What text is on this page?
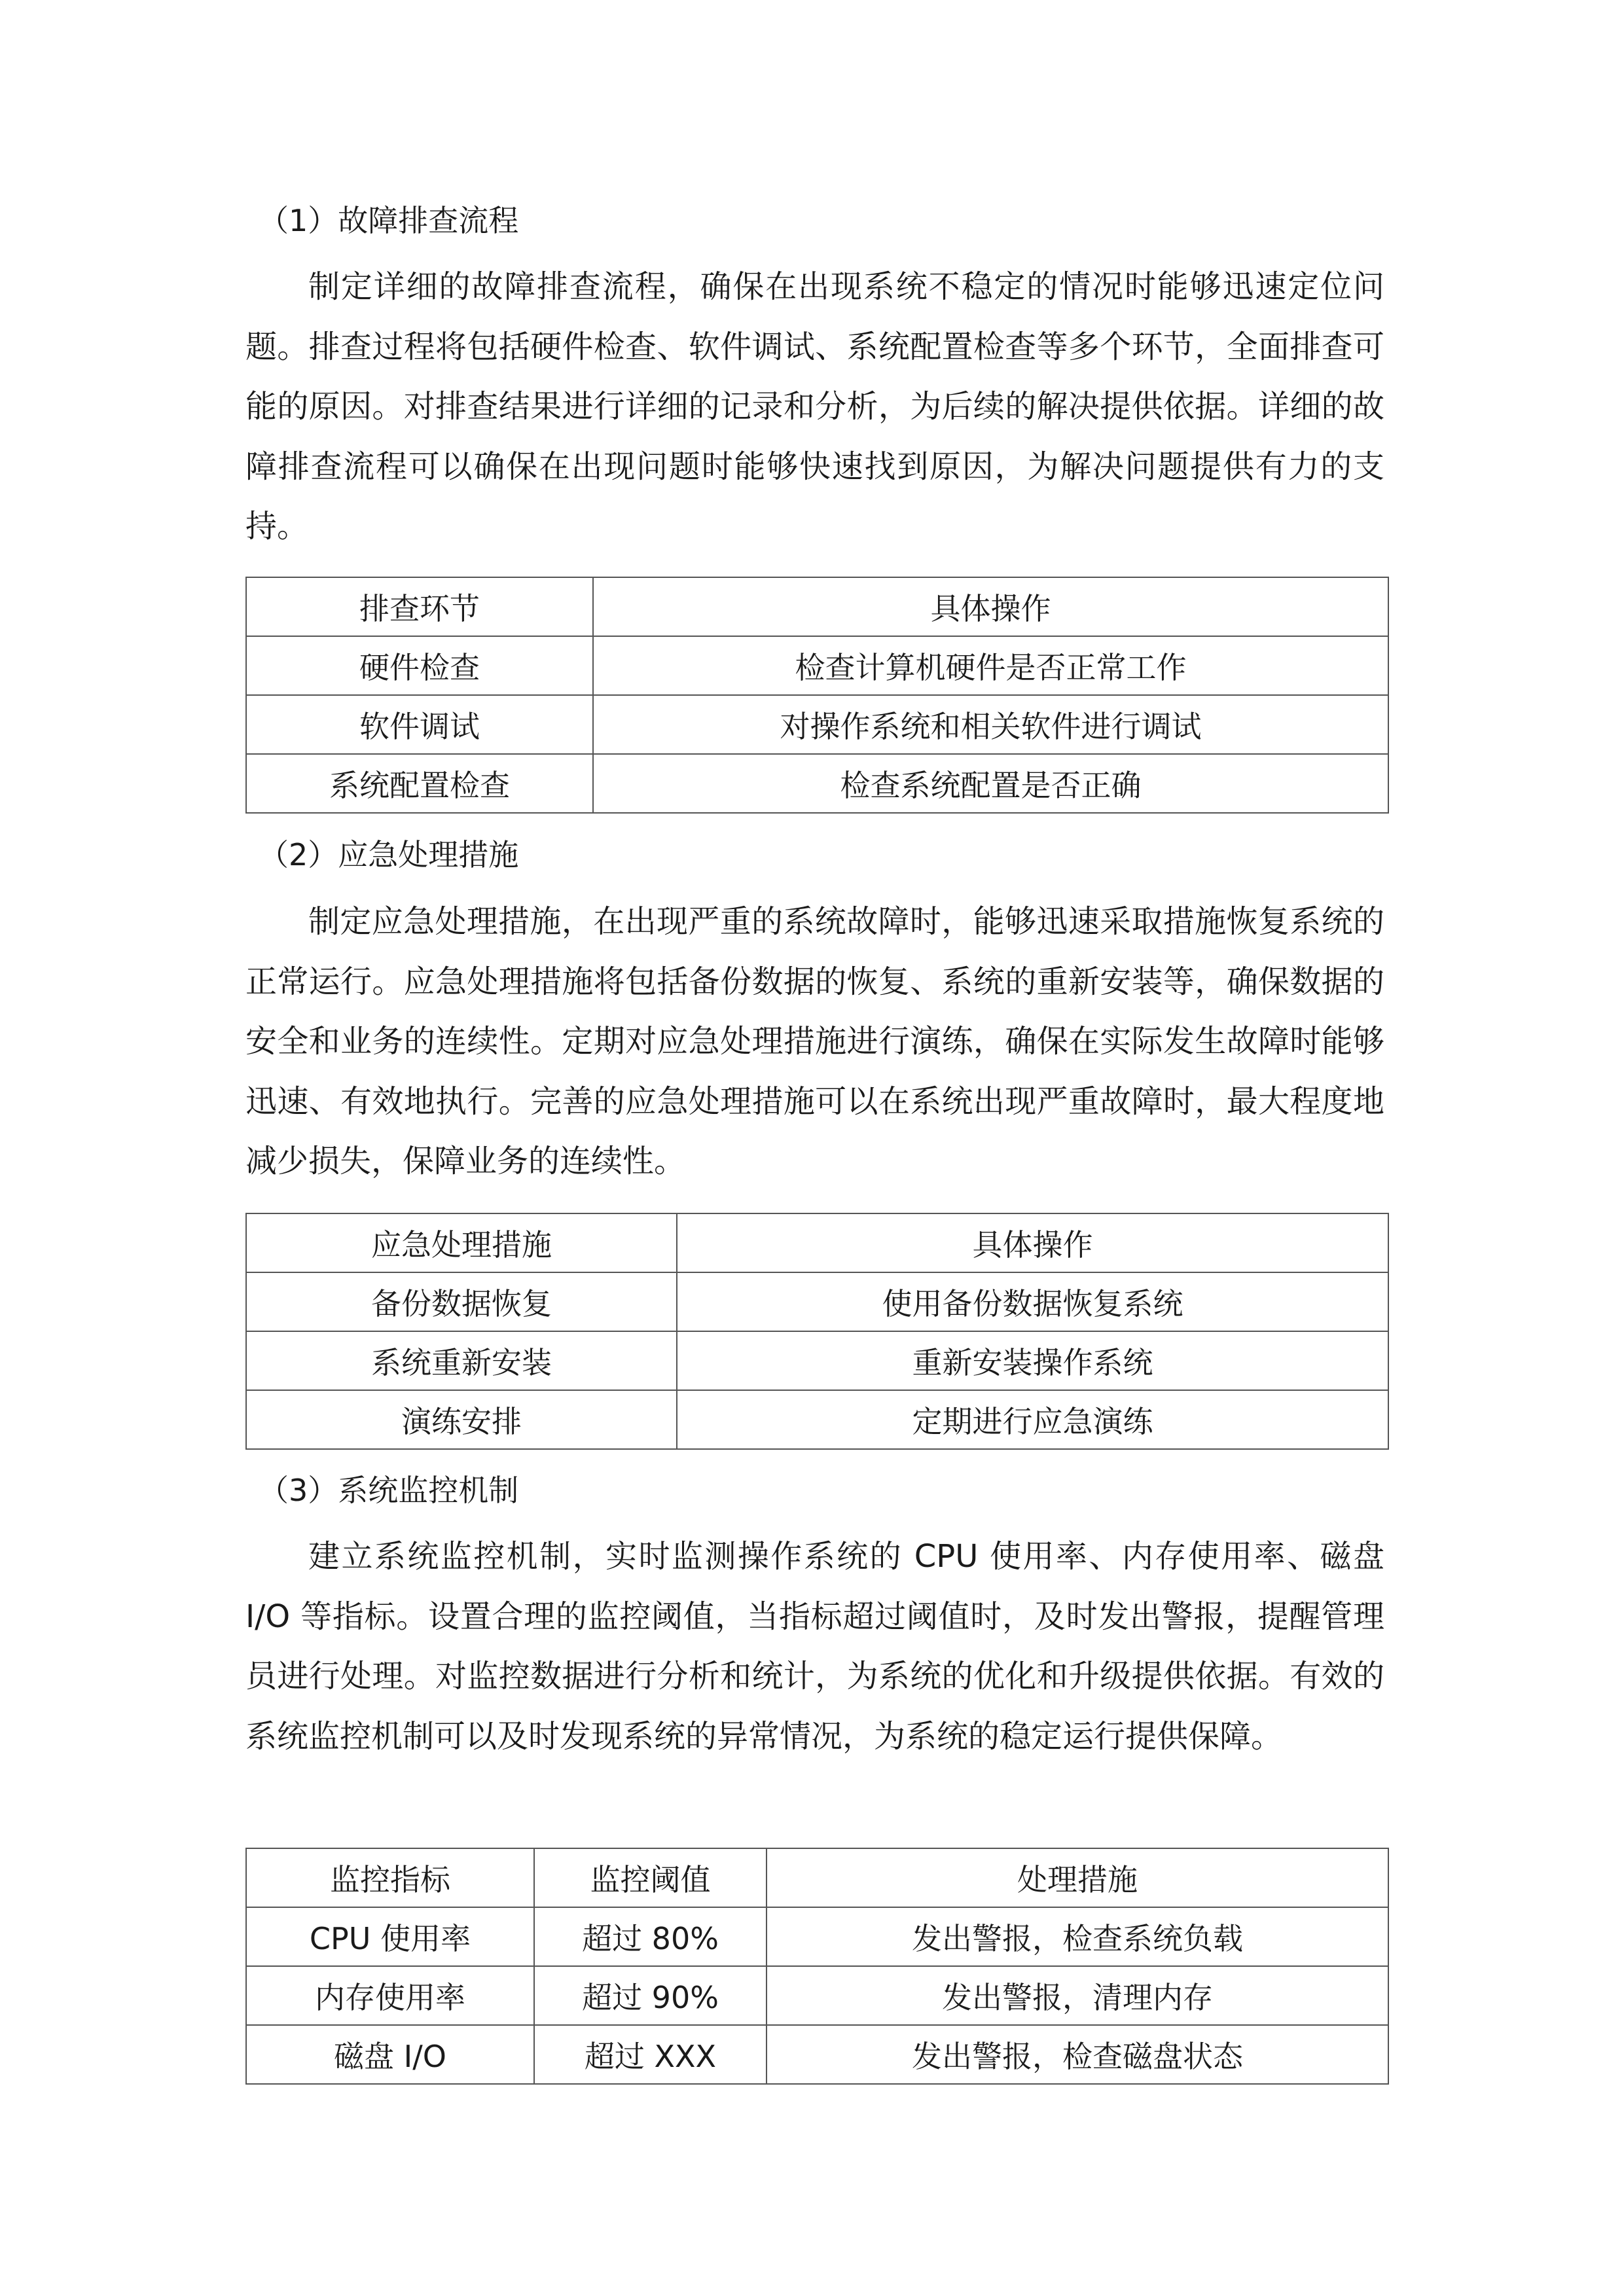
（1）故障排查流程

制定详细的故障排查流程，确保在出现系统不稳定的情况时能够迅速定位问题。排查过程将包括硬件检查、软件调试、系统配置检查等多个环节，全面排查可能的原因。对排查结果进行详细的记录和分析，为后续的解决提供依据。详细的故障排查流程可以确保在出现问题时能够快速找到原因，为解决问题提供有力的支持。

排查环节	具体操作
硬件检查	检查计算机硬件是否正常工作
软件调试	对操作系统和相关软件进行调试
系统配置检查	检查系统配置是否正确
（2）应急处理措施

制定应急处理措施，在出现严重的系统故障时，能够迅速采取措施恢复系统的正常运行。应急处理措施将包括备份数据的恢复、系统的重新安装等，确保数据的安全和业务的连续性。定期对应急处理措施进行演练，确保在实际发生故障时能够迅速、有效地执行。完善的应急处理措施可以在系统出现严重故障时，最大程度地减少损失，保障业务的连续性。

应急处理措施	具体操作
备份数据恢复	使用备份数据恢复系统
系统重新安装	重新安装操作系统
演练安排	定期进行应急演练
（3）系统监控机制

建立系统监控机制，实时监测操作系统的 CPU 使用率、内存使用率、磁盘 I/O 等指标。设置合理的监控阈值，当指标超过阈值时，及时发出警报，提醒管理员进行处理。对监控数据进行分析和统计，为系统的优化和升级提供依据。有效的系统监控机制可以及时发现系统的异常情况，为系统的稳定运行提供保障。

监控指标	监控阈值	处理措施
CPU 使用率	超过 80%	发出警报，检查系统负载
内存使用率	超过 90%	发出警报，清理内存
磁盘 I/O	超过 XXX	发出警报，检查磁盘状态
